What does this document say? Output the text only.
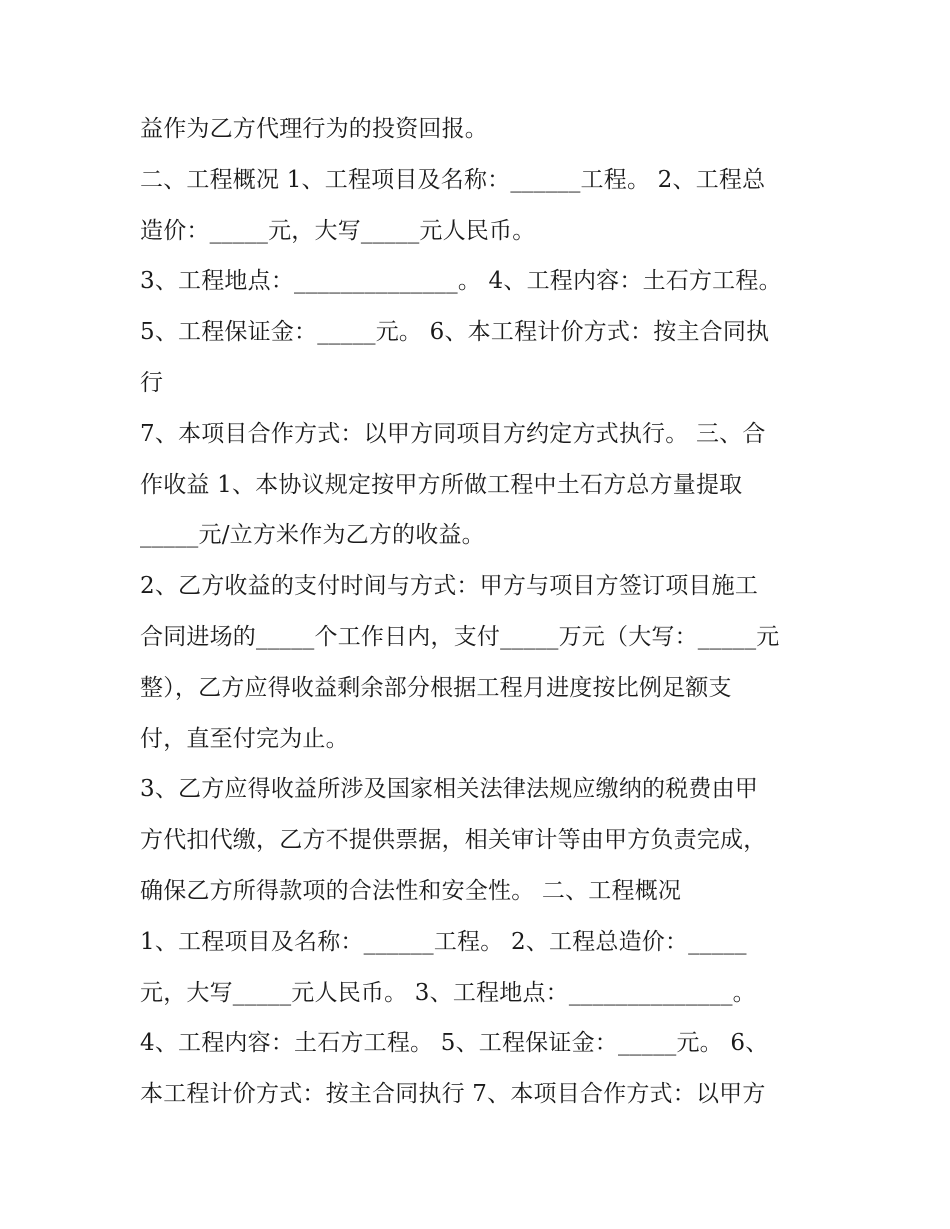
益作为乙方代理行为的投资回报。
二、工程概况 1、工程项目及名称：______工程。 2、工程总
造价：_____元，大写_____元人民币。
3、工程地点：______________。 4、工程内容：土石方工程。
5、工程保证金：_____元。 6、本工程计价方式：按主合同执
行
7、本项目合作方式：以甲方同项目方约定方式执行。 三、合
作收益 1、本协议规定按甲方所做工程中土石方总方量提取
_____元/立方米作为乙方的收益。
2、乙方收益的支付时间与方式：甲方与项目方签订项目施工
合同进场的_____个工作日内，支付_____万元（大写：_____元
整），乙方应得收益剩余部分根据工程月进度按比例足额支
付，直至付完为止。
3、乙方应得收益所涉及国家相关法律法规应缴纳的税费由甲
方代扣代缴，乙方不提供票据，相关审计等由甲方负责完成，
确保乙方所得款项的合法性和安全性。 二、工程概况
1、工程项目及名称：______工程。 2、工程总造价：_____
元，大写_____元人民币。 3、工程地点：______________。
4、工程内容：土石方工程。 5、工程保证金：_____元。 6、
本工程计价方式：按主合同执行 7、本项目合作方式：以甲方
